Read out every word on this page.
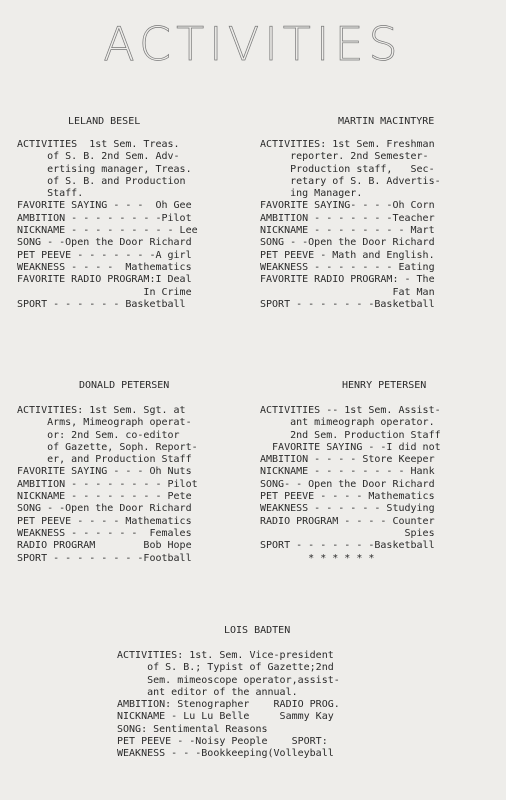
ACTIVITIES
LELAND BESEL
ACTIVITIES  1st Sem. Treas.
of S. B. 2nd Sem. Adv-
ertising manager, Treas.
of S. B. and Production
Staff.
FAVORITE SAYING - - -  Oh Gee
AMBITION - - - - - - - -Pilot
NICKNAME - - - - - - - - - Lee
SONG - -Open the Door Richard
PET PEEVE - - - - - - -A girl
WEAKNESS - - - -  Mathematics
FAVORITE RADIO PROGRAM:I Deal
In Crime
SPORT - - - - - - Basketball
MARTIN MACINTYRE
ACTIVITIES: 1st Sem. Freshman
reporter. 2nd Semester-
Production staff,   Sec-
retary of S. B. Advertis-
ing Manager.
FAVORITE SAYING- - - -Oh Corn
AMBITION - - - - - - -Teacher
NICKNAME - - - - - - - - Mart
SONG - -Open the Door Richard
PET PEEVE - Math and English.
WEAKNESS - - - - - - - Eating
FAVORITE RADIO PROGRAM: - The
Fat Man
SPORT - - - - - - -Basketball
DONALD PETERSEN
ACTIVITIES: 1st Sem. Sgt. at
Arms, Mimeograph operat-
or: 2nd Sem. co-editor
of Gazette, Soph. Report-
er, and Production Staff
FAVORITE SAYING - - - Oh Nuts
AMBITION - - - - - - - - Pilot
NICKNAME - - - - - - - - Pete
SONG - -Open the Door Richard
PET PEEVE - - - - Mathematics
WEAKNESS - - - - - -  Females
RADIO PROGRAM        Bob Hope
SPORT - - - - - - - -Football
HENRY PETERSEN
ACTIVITIES -- 1st Sem. Assist-
ant mimeograph operator.
2nd Sem. Production Staff
FAVORITE SAYING - -I did not
AMBITION - - - - Store Keeper
NICKNAME - - - - - - - - Hank
SONG- - Open the Door Richard
PET PEEVE - - - - Mathematics
WEAKNESS - - - - - - Studying
RADIO PROGRAM - - - - Counter
Spies
SPORT - - - - - - -Basketball
* * * * * *
LOIS BADTEN
ACTIVITIES: 1st. Sem. Vice-president
of S. B.; Typist of Gazette;2nd
Sem. mimeoscope operator,assist-
ant editor of the annual.
AMBITION: Stenographer    RADIO PROG.
NICKNAME - Lu Lu Belle     Sammy Kay
SONG: Sentimental Reasons
PET PEEVE - -Noisy People    SPORT:
WEAKNESS - - -Bookkeeping(Volleyball
